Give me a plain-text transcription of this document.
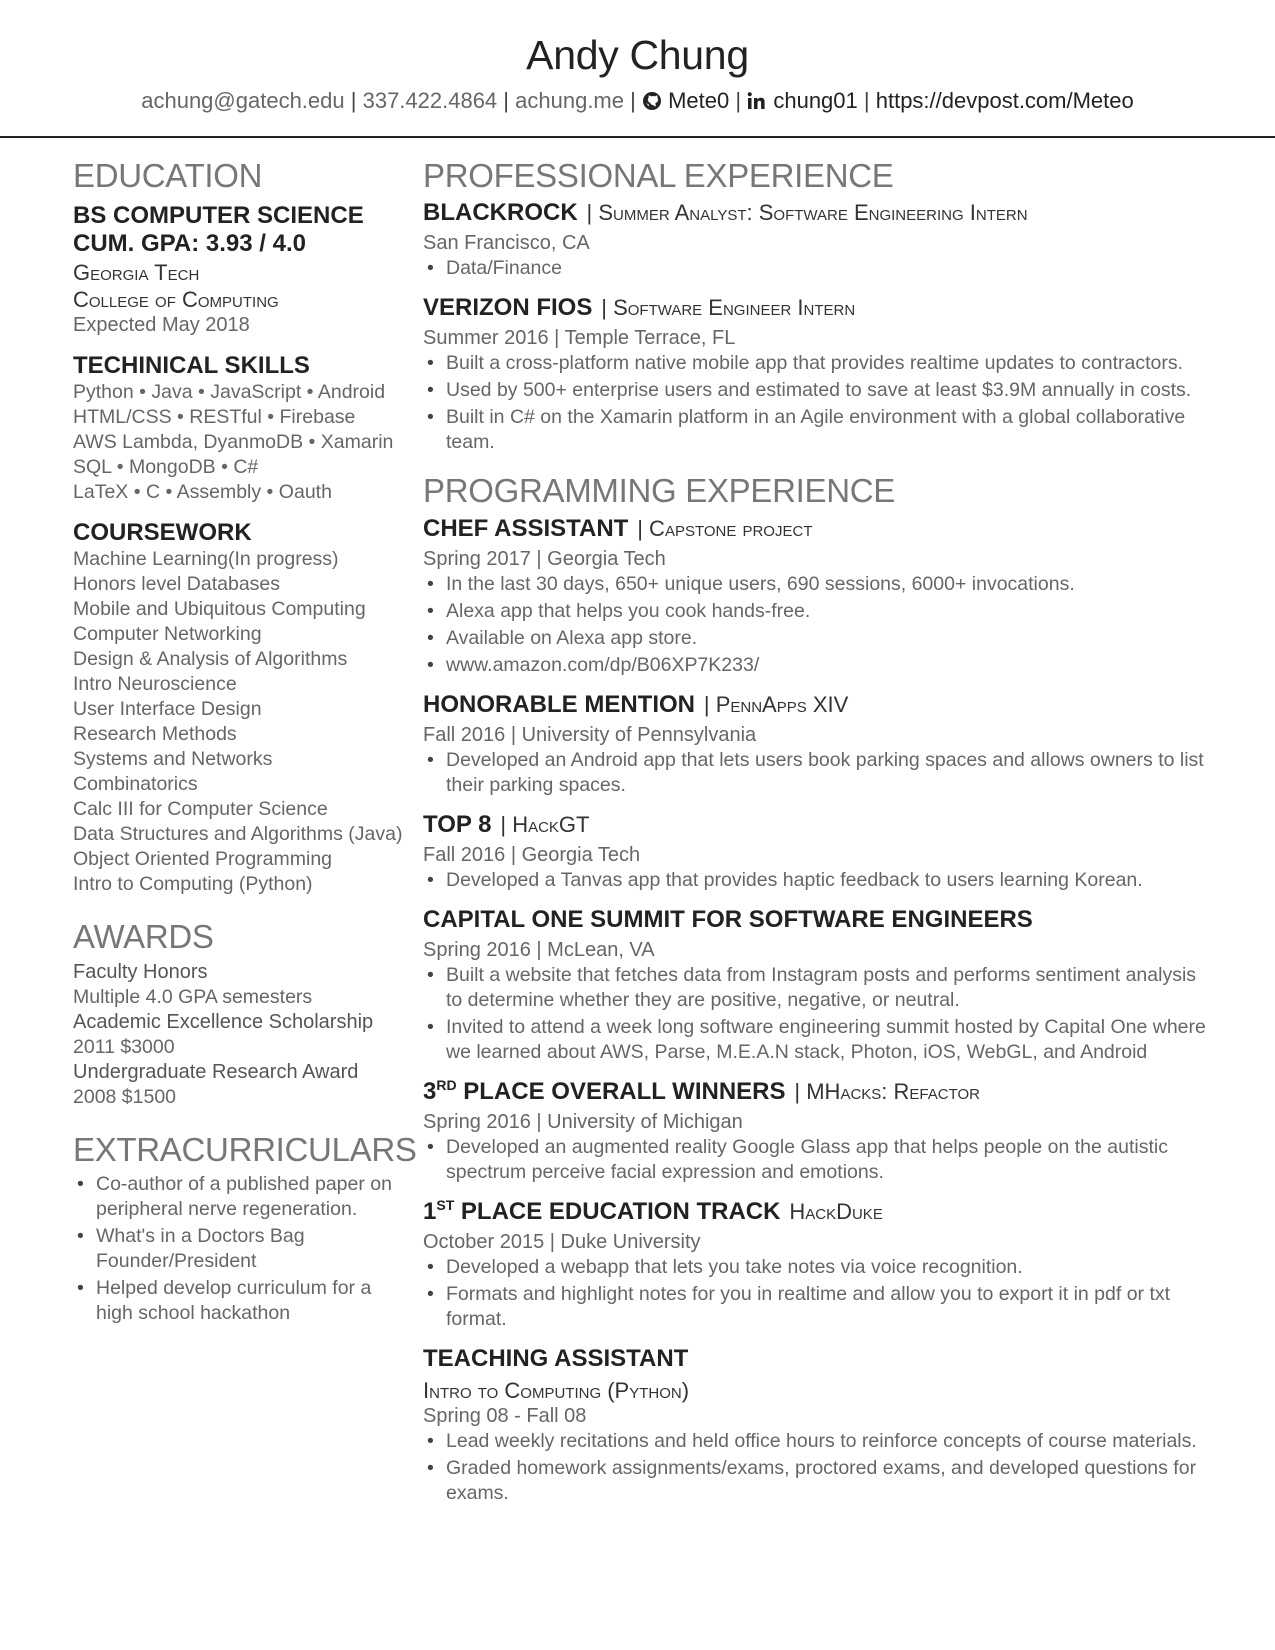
Andy Chung
achung@gatech.edu | 337.422.4864 | achung.me | Mete0 | chung01 | https://devpost.com/Meteo
EDUCATION
BS COMPUTER SCIENCE
CUM. GPA: 3.93 / 4.0
Georgia Tech
College of Computing
Expected May 2018
TECHINICAL SKILLS
Python • Java • JavaScript • Android
HTML/CSS • RESTful • Firebase
AWS Lambda, DyanmoDB • Xamarin
SQL • MongoDB • C#
LaTeX • C • Assembly • Oauth
COURSEWORK
Machine Learning(In progress)
Honors level Databases
Mobile and Ubiquitous Computing
Computer Networking
Design & Analysis of Algorithms
Intro Neuroscience
User Interface Design
Research Methods
Systems and Networks
Combinatorics
Calc III for Computer Science
Data Structures and Algorithms (Java)
Object Oriented Programming
Intro to Computing (Python)
AWARDS
Faculty Honors
Multiple 4.0 GPA semesters
Academic Excellence Scholarship
2011 $3000
Undergraduate Research Award
2008 $1500
EXTRACURRICULARS
• Co-author of a published paper on
peripheral nerve regeneration.
• What's in a Doctors Bag
Founder/President
• Helped develop curriculum for a
high school hackathon
PROFESSIONAL EXPERIENCE
BLACKROCK | Summer Analyst: Software Engineering Intern
San Francisco, CA
• Data/Finance
VERIZON FIOS | Software Engineer Intern
Summer 2016 | Temple Terrace, FL
• Built a cross-platform native mobile app that provides realtime updates to contractors.
• Used by 500+ enterprise users and estimated to save at least $3.9M annually in costs.
• Built in C# on the Xamarin platform in an Agile environment with a global collaborative team.
PROGRAMMING EXPERIENCE
CHEF ASSISTANT | Capstone project
Spring 2017 | Georgia Tech
• In the last 30 days, 650+ unique users, 690 sessions, 6000+ invocations.
• Alexa app that helps you cook hands-free.
• Available on Alexa app store.
• www.amazon.com/dp/B06XP7K233/
HONORABLE MENTION | PennApps XIV
Fall 2016 | University of Pennsylvania
• Developed an Android app that lets users book parking spaces and allows owners to list their parking spaces.
TOP 8 | HackGT
Fall 2016 | Georgia Tech
• Developed a Tanvas app that provides haptic feedback to users learning Korean.
CAPITAL ONE SUMMIT FOR SOFTWARE ENGINEERS
Spring 2016 | McLean, VA
• Built a website that fetches data from Instagram posts and performs sentiment analysis to determine whether they are positive, negative, or neutral.
• Invited to attend a week long software engineering summit hosted by Capital One where we learned about AWS, Parse, M.E.A.N stack, Photon, iOS, WebGL, and Android
3RD PLACE OVERALL WINNERS | MHacks: Refactor
Spring 2016 | University of Michigan
• Developed an augmented reality Google Glass app that helps people on the autistic spectrum perceive facial expression and emotions.
1ST PLACE EDUCATION TRACK HackDuke
October 2015 | Duke University
• Developed a webapp that lets you take notes via voice recognition.
• Formats and highlight notes for you in realtime and allow you to export it in pdf or txt format.
TEACHING ASSISTANT
Intro to Computing (Python)
Spring 08 - Fall 08
• Lead weekly recitations and held office hours to reinforce concepts of course materials.
• Graded homework assignments/exams, proctored exams, and developed questions for exams.
